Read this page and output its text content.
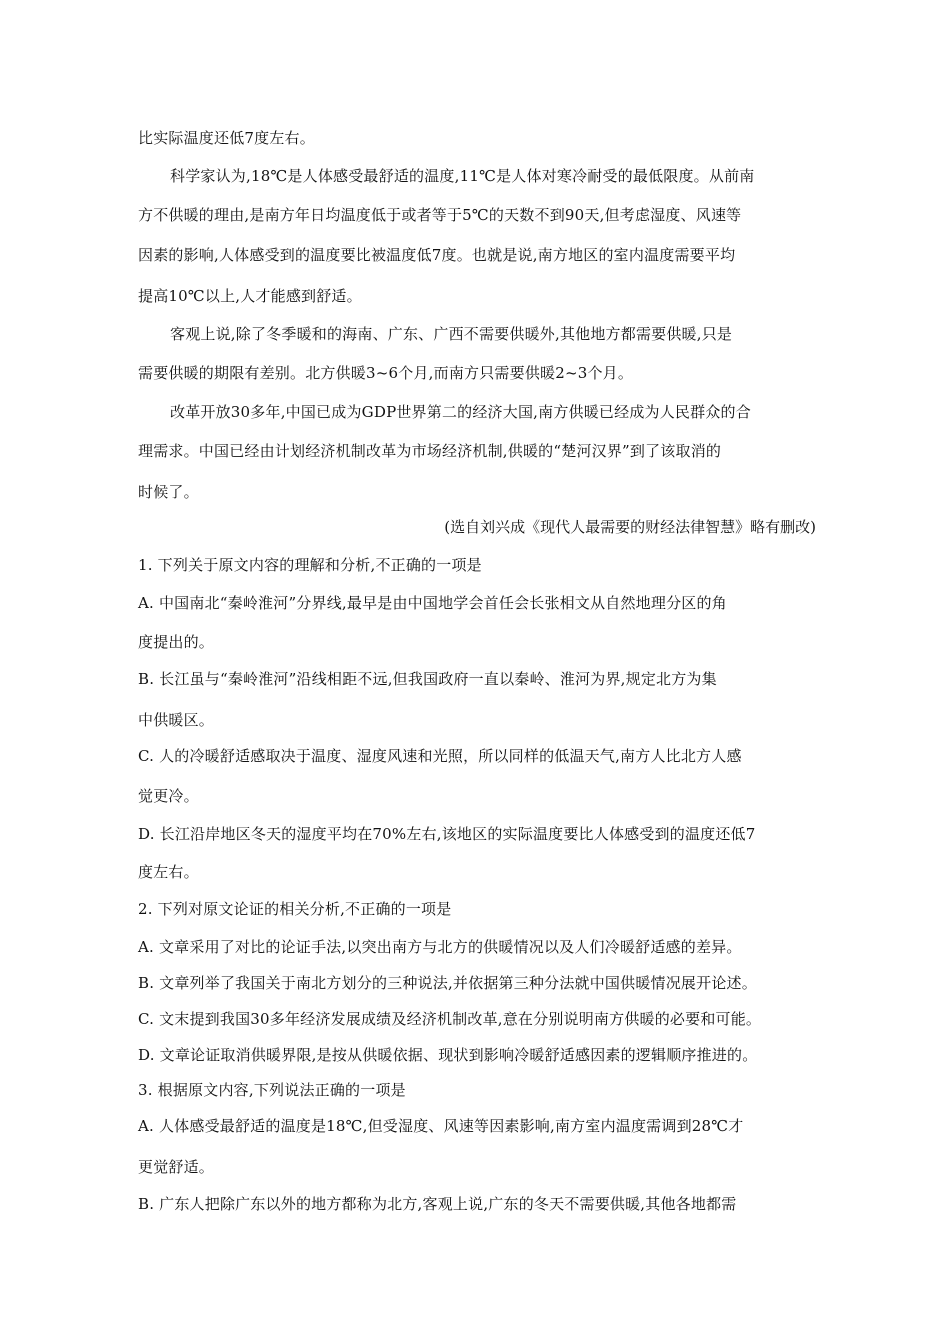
比实际温度还低7度左右。
科学家认为,18℃是人体感受最舒适的温度,11℃是人体对寒冷耐受的最低限度。从前南
方不供暖的理由,是南方年日均温度低于或者等于5℃的天数不到90天,但考虑湿度、风速等
因素的影响,人体感受到的温度要比被温度低7度。也就是说,南方地区的室内温度需要平均
提高10℃以上,人才能感到舒适。
客观上说,除了冬季暖和的海南、广东、广西不需要供暖外,其他地方都需要供暖,只是
需要供暖的期限有差别。北方供暖3~6个月,而南方只需要供暖2~3个月。
改革开放30多年,中国已成为GDP世界第二的经济大国,南方供暖已经成为人民群众的合
理需求。中国已经由计划经济机制改革为市场经济机制,供暖的“楚河汉界”到了该取消的
时候了。
(选自刘兴成《现代人最需要的财经法律智慧》略有删改)
1. 下列关于原文内容的理解和分析,不正确的一项是
A. 中国南北“秦岭淮河”分界线,最早是由中国地学会首任会长张相文从自然地理分区的角
度提出的。
B. 长江虽与“秦岭淮河”沿线相距不远,但我国政府一直以秦岭、淮河为界,规定北方为集
中供暖区。
C. 人的冷暖舒适感取决于温度、湿度风速和光照，所以同样的低温天气,南方人比北方人感
觉更冷。
D. 长江沿岸地区冬天的湿度平均在70%左右,该地区的实际温度要比人体感受到的温度还低7
度左右。
2. 下列对原文论证的相关分析,不正确的一项是
A. 文章采用了对比的论证手法,以突出南方与北方的供暖情况以及人们冷暖舒适感的差异。
B. 文章列举了我国关于南北方划分的三种说法,并依据第三种分法就中国供暖情况展开论述。
C. 文末提到我国30多年经济发展成绩及经济机制改革,意在分别说明南方供暖的必要和可能。
D. 文章论证取消供暖界限,是按从供暖依据、现状到影响冷暖舒适感因素的逻辑顺序推进的。
3. 根据原文内容,下列说法正确的一项是
A. 人体感受最舒适的温度是18℃,但受湿度、风速等因素影响,南方室内温度需调到28℃才
更觉舒适。
B. 广东人把除广东以外的地方都称为北方,客观上说,广东的冬天不需要供暖,其他各地都需
